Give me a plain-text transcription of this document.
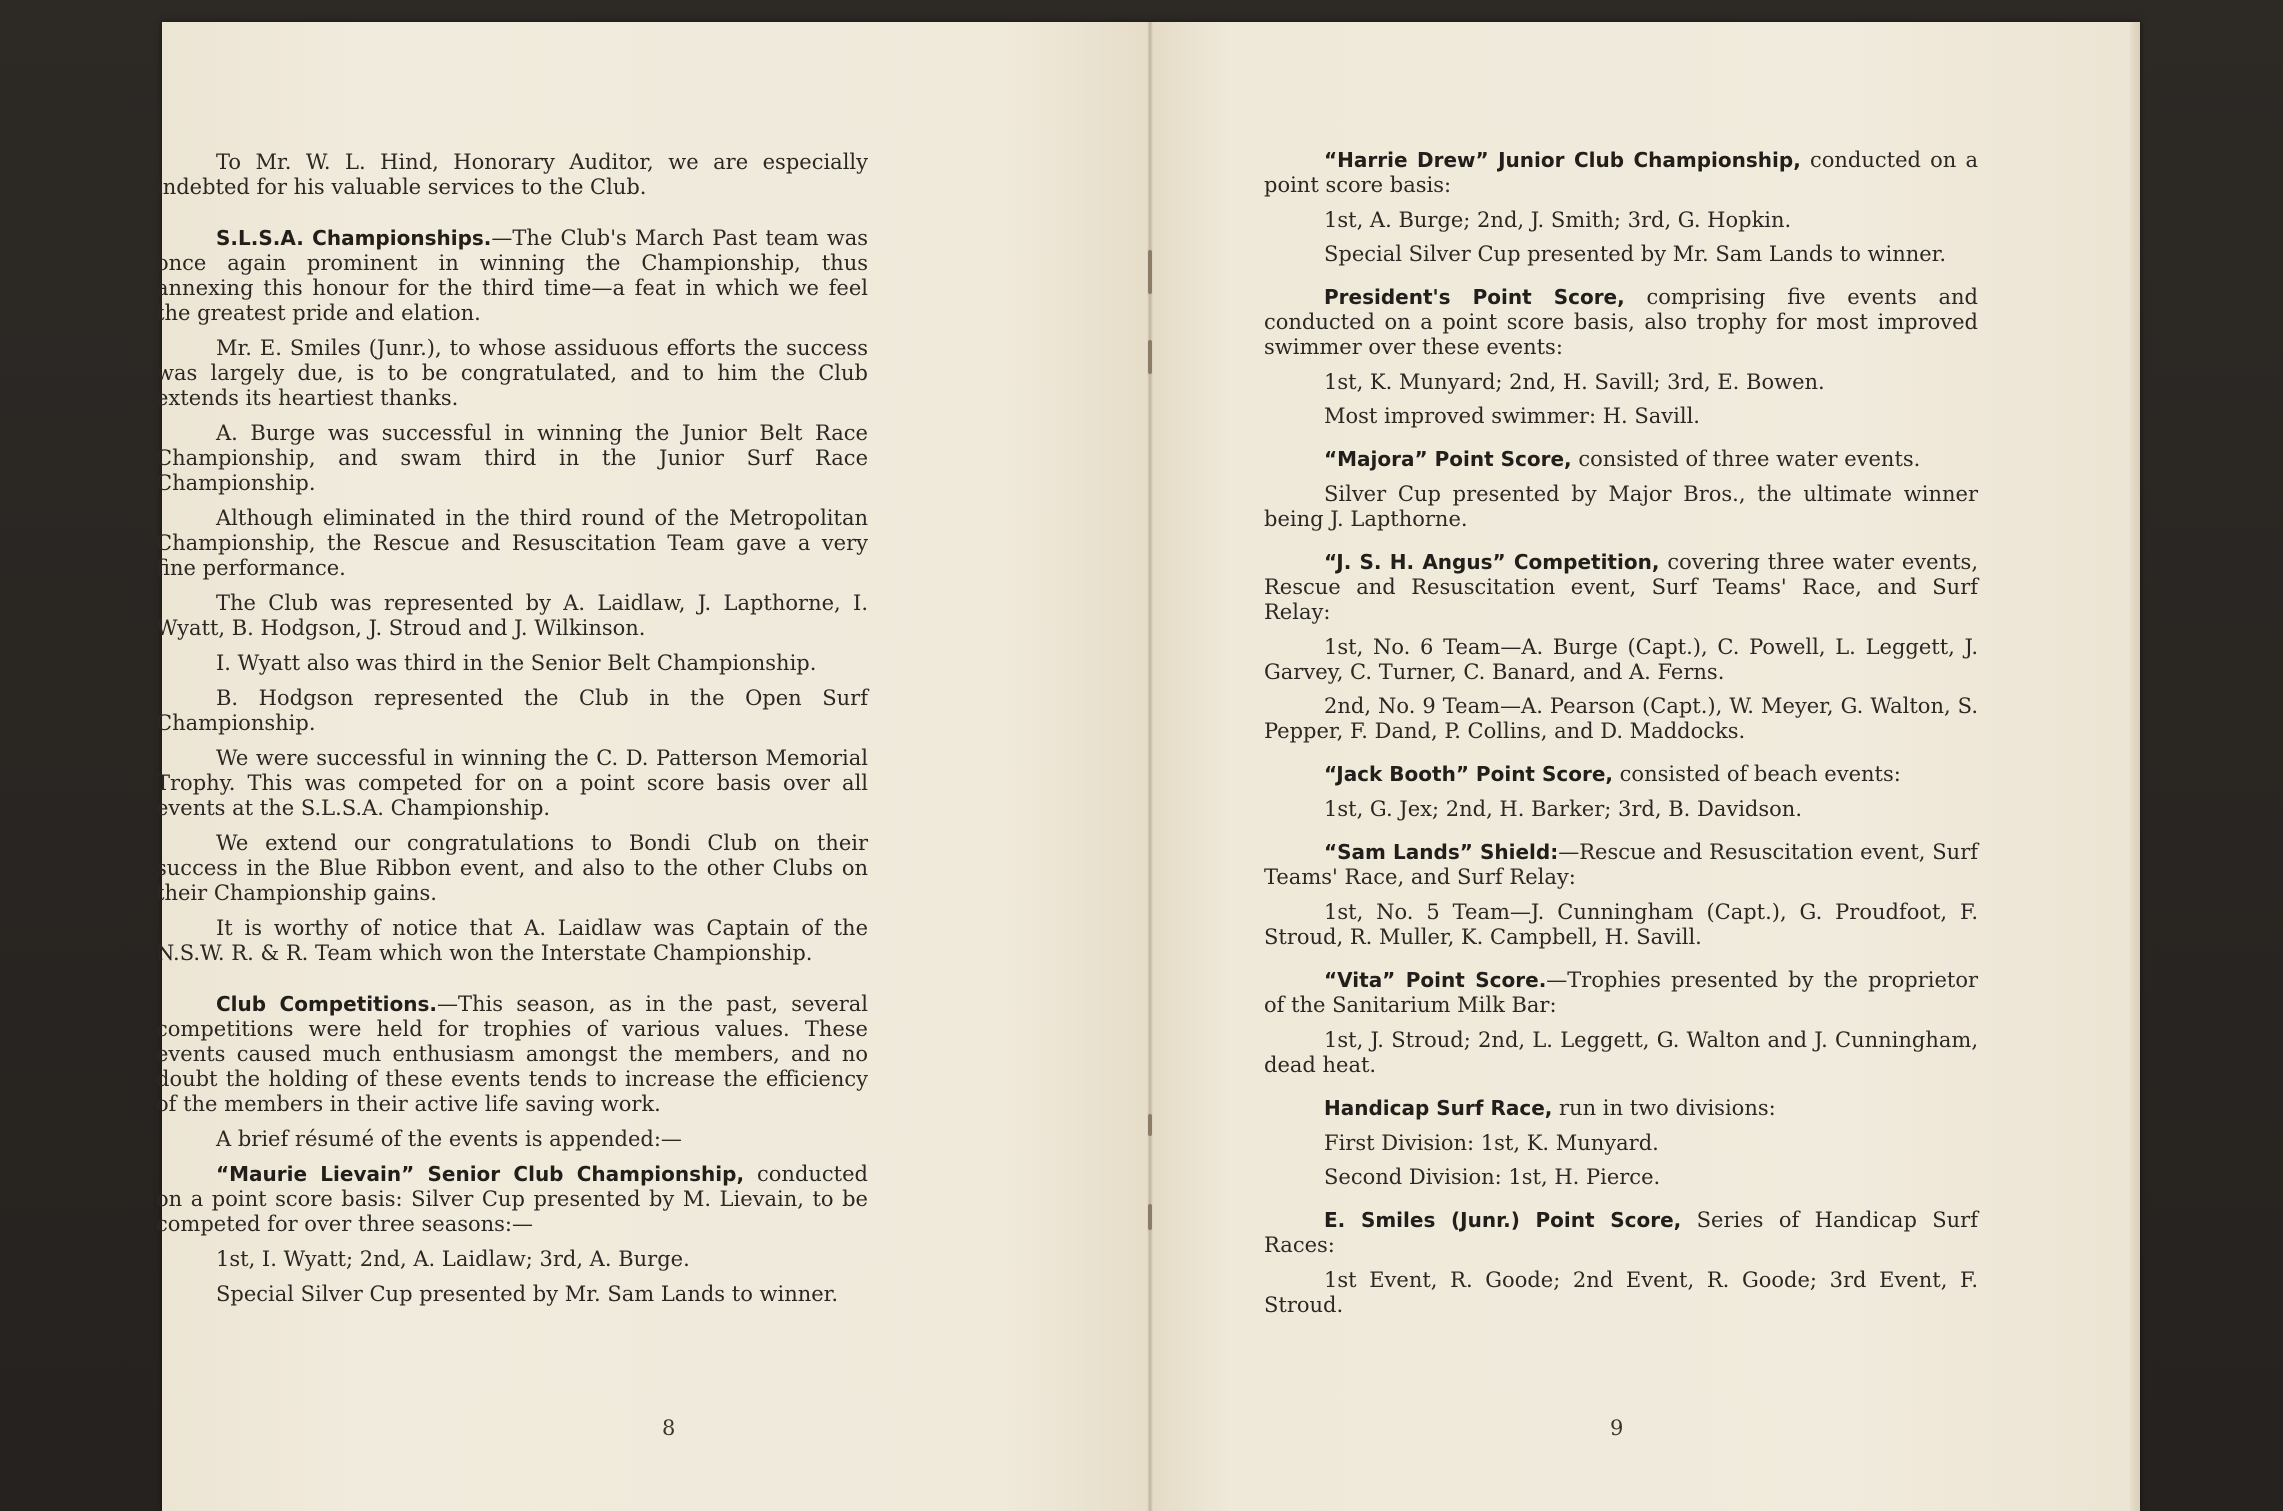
To Mr. W. L. Hind, Honorary Auditor, we are especially indebted for his valuable services to the Club.

S.L.S.A. Championships.—The Club's March Past team was once again prominent in winning the Championship, thus annexing this honour for the third time—a feat in which we feel the greatest pride and elation.

Mr. E. Smiles (Junr.), to whose assiduous efforts the success was largely due, is to be congratulated, and to him the Club extends its heartiest thanks.

A. Burge was successful in winning the Junior Belt Race Championship, and swam third in the Junior Surf Race Championship.

Although eliminated in the third round of the Metropolitan Championship, the Rescue and Resuscitation Team gave a very fine performance.

The Club was represented by A. Laidlaw, J. Lapthorne, I. Wyatt, B. Hodgson, J. Stroud and J. Wilkinson.

I. Wyatt also was third in the Senior Belt Championship.

B. Hodgson represented the Club in the Open Surf Championship.

We were successful in winning the C. D. Patterson Memorial Trophy. This was competed for on a point score basis over all events at the S.L.S.A. Championship.

We extend our congratulations to Bondi Club on their success in the Blue Ribbon event, and also to the other Clubs on their Championship gains.

It is worthy of notice that A. Laidlaw was Captain of the N.S.W. R. & R. Team which won the Interstate Championship.

Club Competitions.—This season, as in the past, several competitions were held for trophies of various values. These events caused much enthusiasm amongst the members, and no doubt the holding of these events tends to increase the efficiency of the members in their active life saving work.

A brief résumé of the events is appended:—

“Maurie Lievain” Senior Club Championship, conducted on a point score basis: Silver Cup presented by M. Lievain, to be competed for over three seasons:—

1st, I. Wyatt; 2nd, A. Laidlaw; 3rd, A. Burge.

Special Silver Cup presented by Mr. Sam Lands to winner.

8

“Harrie Drew” Junior Club Championship, conducted on a point score basis:

1st, A. Burge; 2nd, J. Smith; 3rd, G. Hopkin.

Special Silver Cup presented by Mr. Sam Lands to winner.

President's Point Score, comprising five events and conducted on a point score basis, also trophy for most improved swimmer over these events:

1st, K. Munyard; 2nd, H. Savill; 3rd, E. Bowen.

Most improved swimmer: H. Savill.

“Majora” Point Score, consisted of three water events.

Silver Cup presented by Major Bros., the ultimate winner being J. Lapthorne.

“J. S. H. Angus” Competition, covering three water events, Rescue and Resuscitation event, Surf Teams' Race, and Surf Relay:

1st, No. 6 Team—A. Burge (Capt.), C. Powell, L. Leggett, J. Garvey, C. Turner, C. Banard, and A. Ferns.

2nd, No. 9 Team—A. Pearson (Capt.), W. Meyer, G. Walton, S. Pepper, F. Dand, P. Collins, and D. Maddocks.

“Jack Booth” Point Score, consisted of beach events:

1st, G. Jex; 2nd, H. Barker; 3rd, B. Davidson.

“Sam Lands” Shield:—Rescue and Resuscitation event, Surf Teams' Race, and Surf Relay:

1st, No. 5 Team—J. Cunningham (Capt.), G. Proudfoot, F. Stroud, R. Muller, K. Campbell, H. Savill.

“Vita” Point Score.—Trophies presented by the proprietor of the Sanitarium Milk Bar:

1st, J. Stroud; 2nd, L. Leggett, G. Walton and J. Cunningham, dead heat.

Handicap Surf Race, run in two divisions:

First Division: 1st, K. Munyard.

Second Division: 1st, H. Pierce.

E. Smiles (Junr.) Point Score, Series of Handicap Surf Races:

1st Event, R. Goode; 2nd Event, R. Goode; 3rd Event, F. Stroud.

9
